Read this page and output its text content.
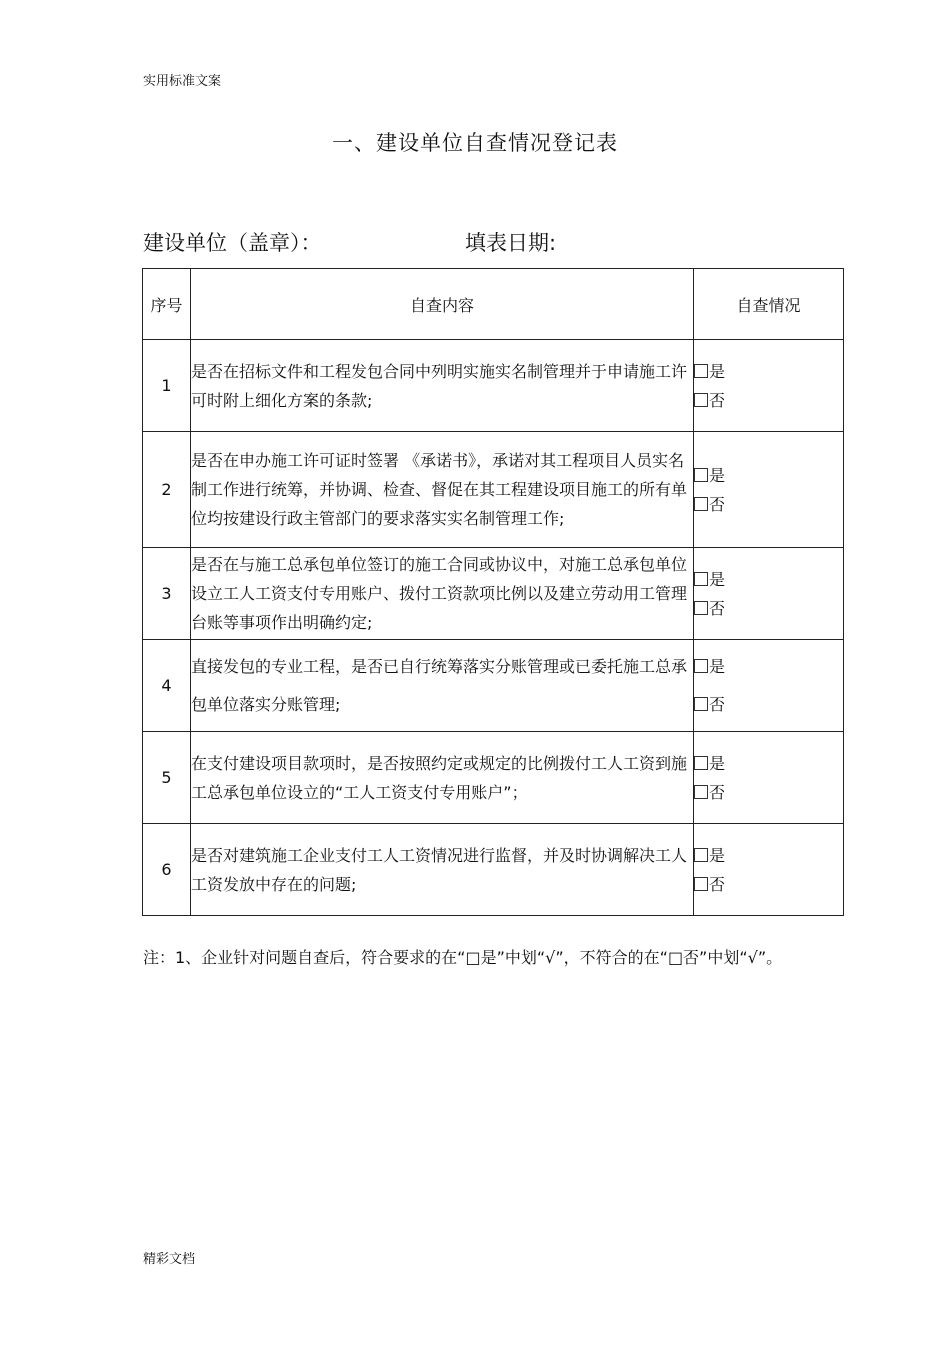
实用标准文案
一、建设单位自查情况登记表
建设单位（盖章）：	填表日期:
序号	自查内容	自查情况
1	是否在招标文件和工程发包合同中列明实施实名制管理并于申请施工许可时附上细化方案的条款;	是
否

2	是否在申办施工许可证时签署 《承诺书》，承诺对其工程项目人员实名制工作进行统筹，并协调、检查、督促在其工程建设项目施工的所有单位均按建设行政主管部门的要求落实实名制管理工作;	是
否

3	是否在与施工总承包单位签订的施工合同或协议中，对施工总承包单位设立工人工资支付专用账户、拨付工资款项比例以及建立劳动用工管理台账等事项作出明确约定;	是
否

4	直接发包的专业工程，是否已自行统筹落实分账管理或已委托施工总承包单位落实分账管理;	是
否

5	在支付建设项目款项时，是否按照约定或规定的比例拨付工人工资到施工总承包单位设立的“工人工资支付专用账户”；	是
否

6	是否对建筑施工企业支付工人工资情况进行监督，并及时协调解决工人工资发放中存在的问题;	是
否
注：1、企业针对问题自查后，符合要求的在“□是”中划“√”，不符合的在“□否”中划“√”。
精彩文档
